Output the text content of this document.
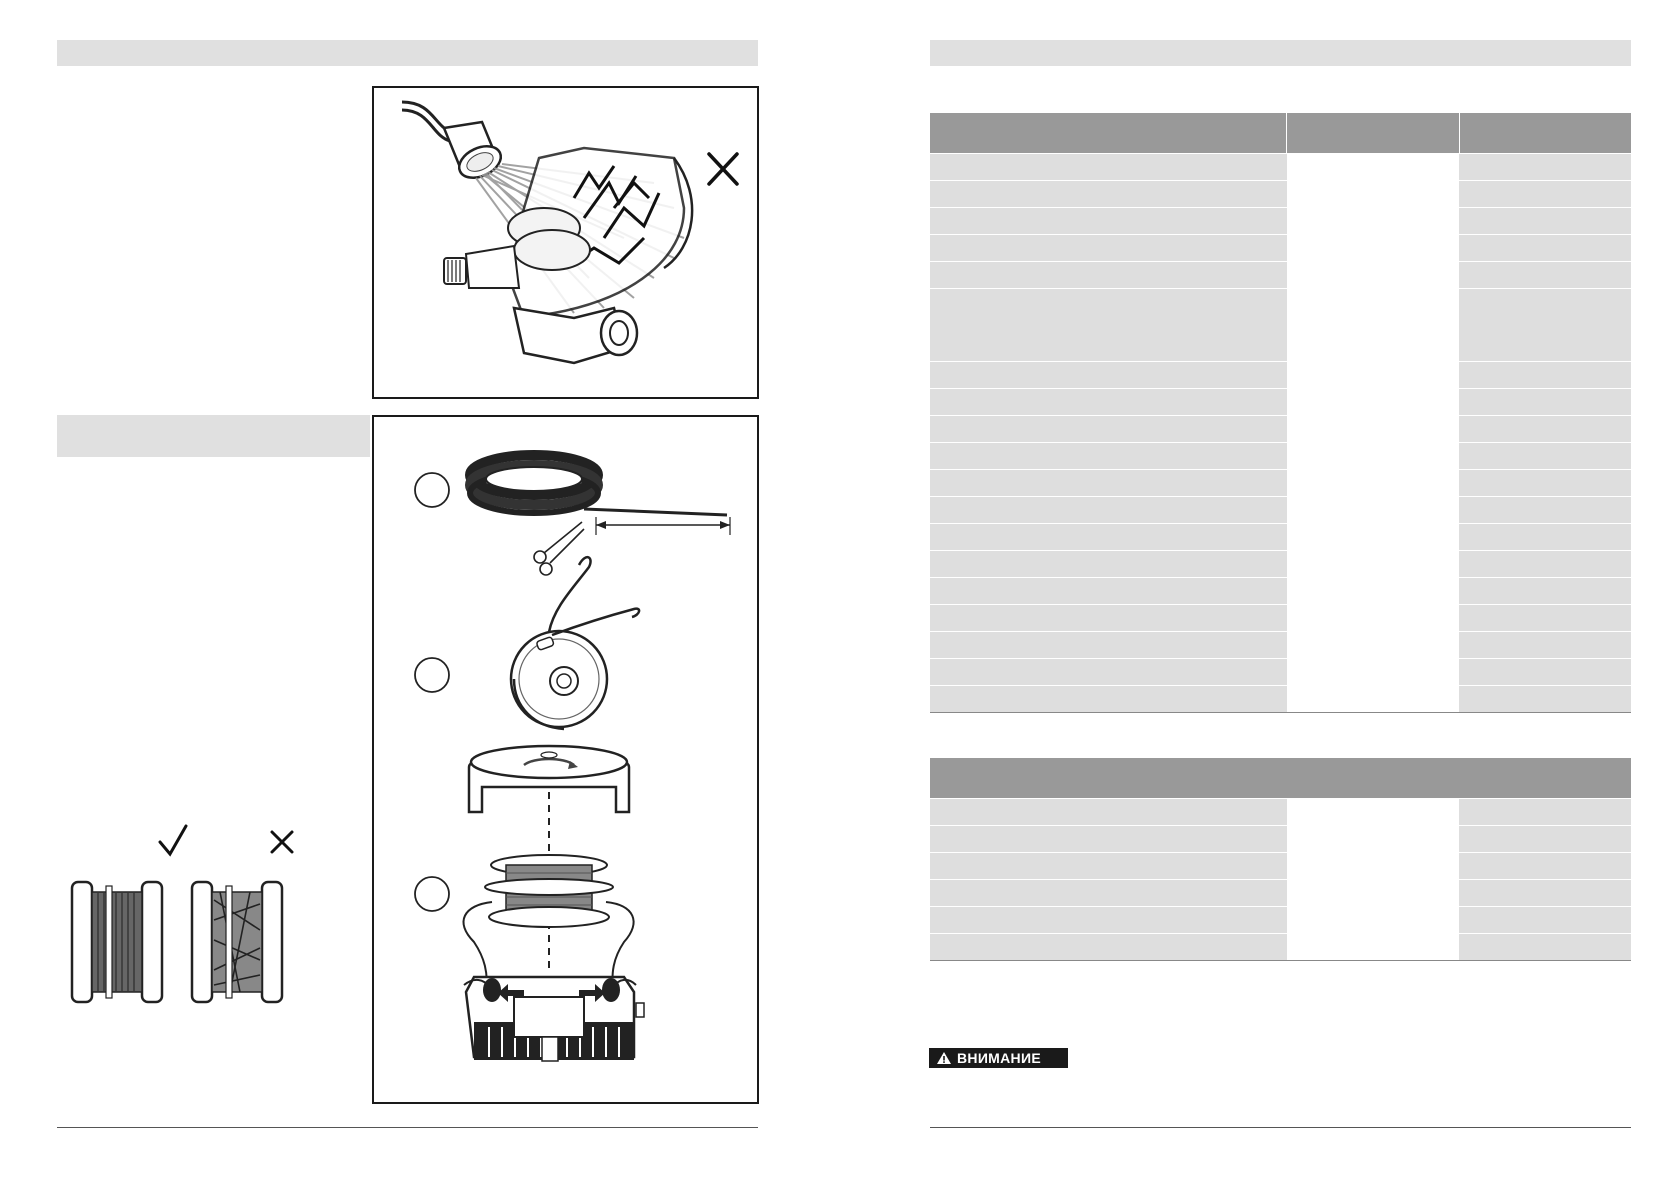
ВНИМАНИЕ
